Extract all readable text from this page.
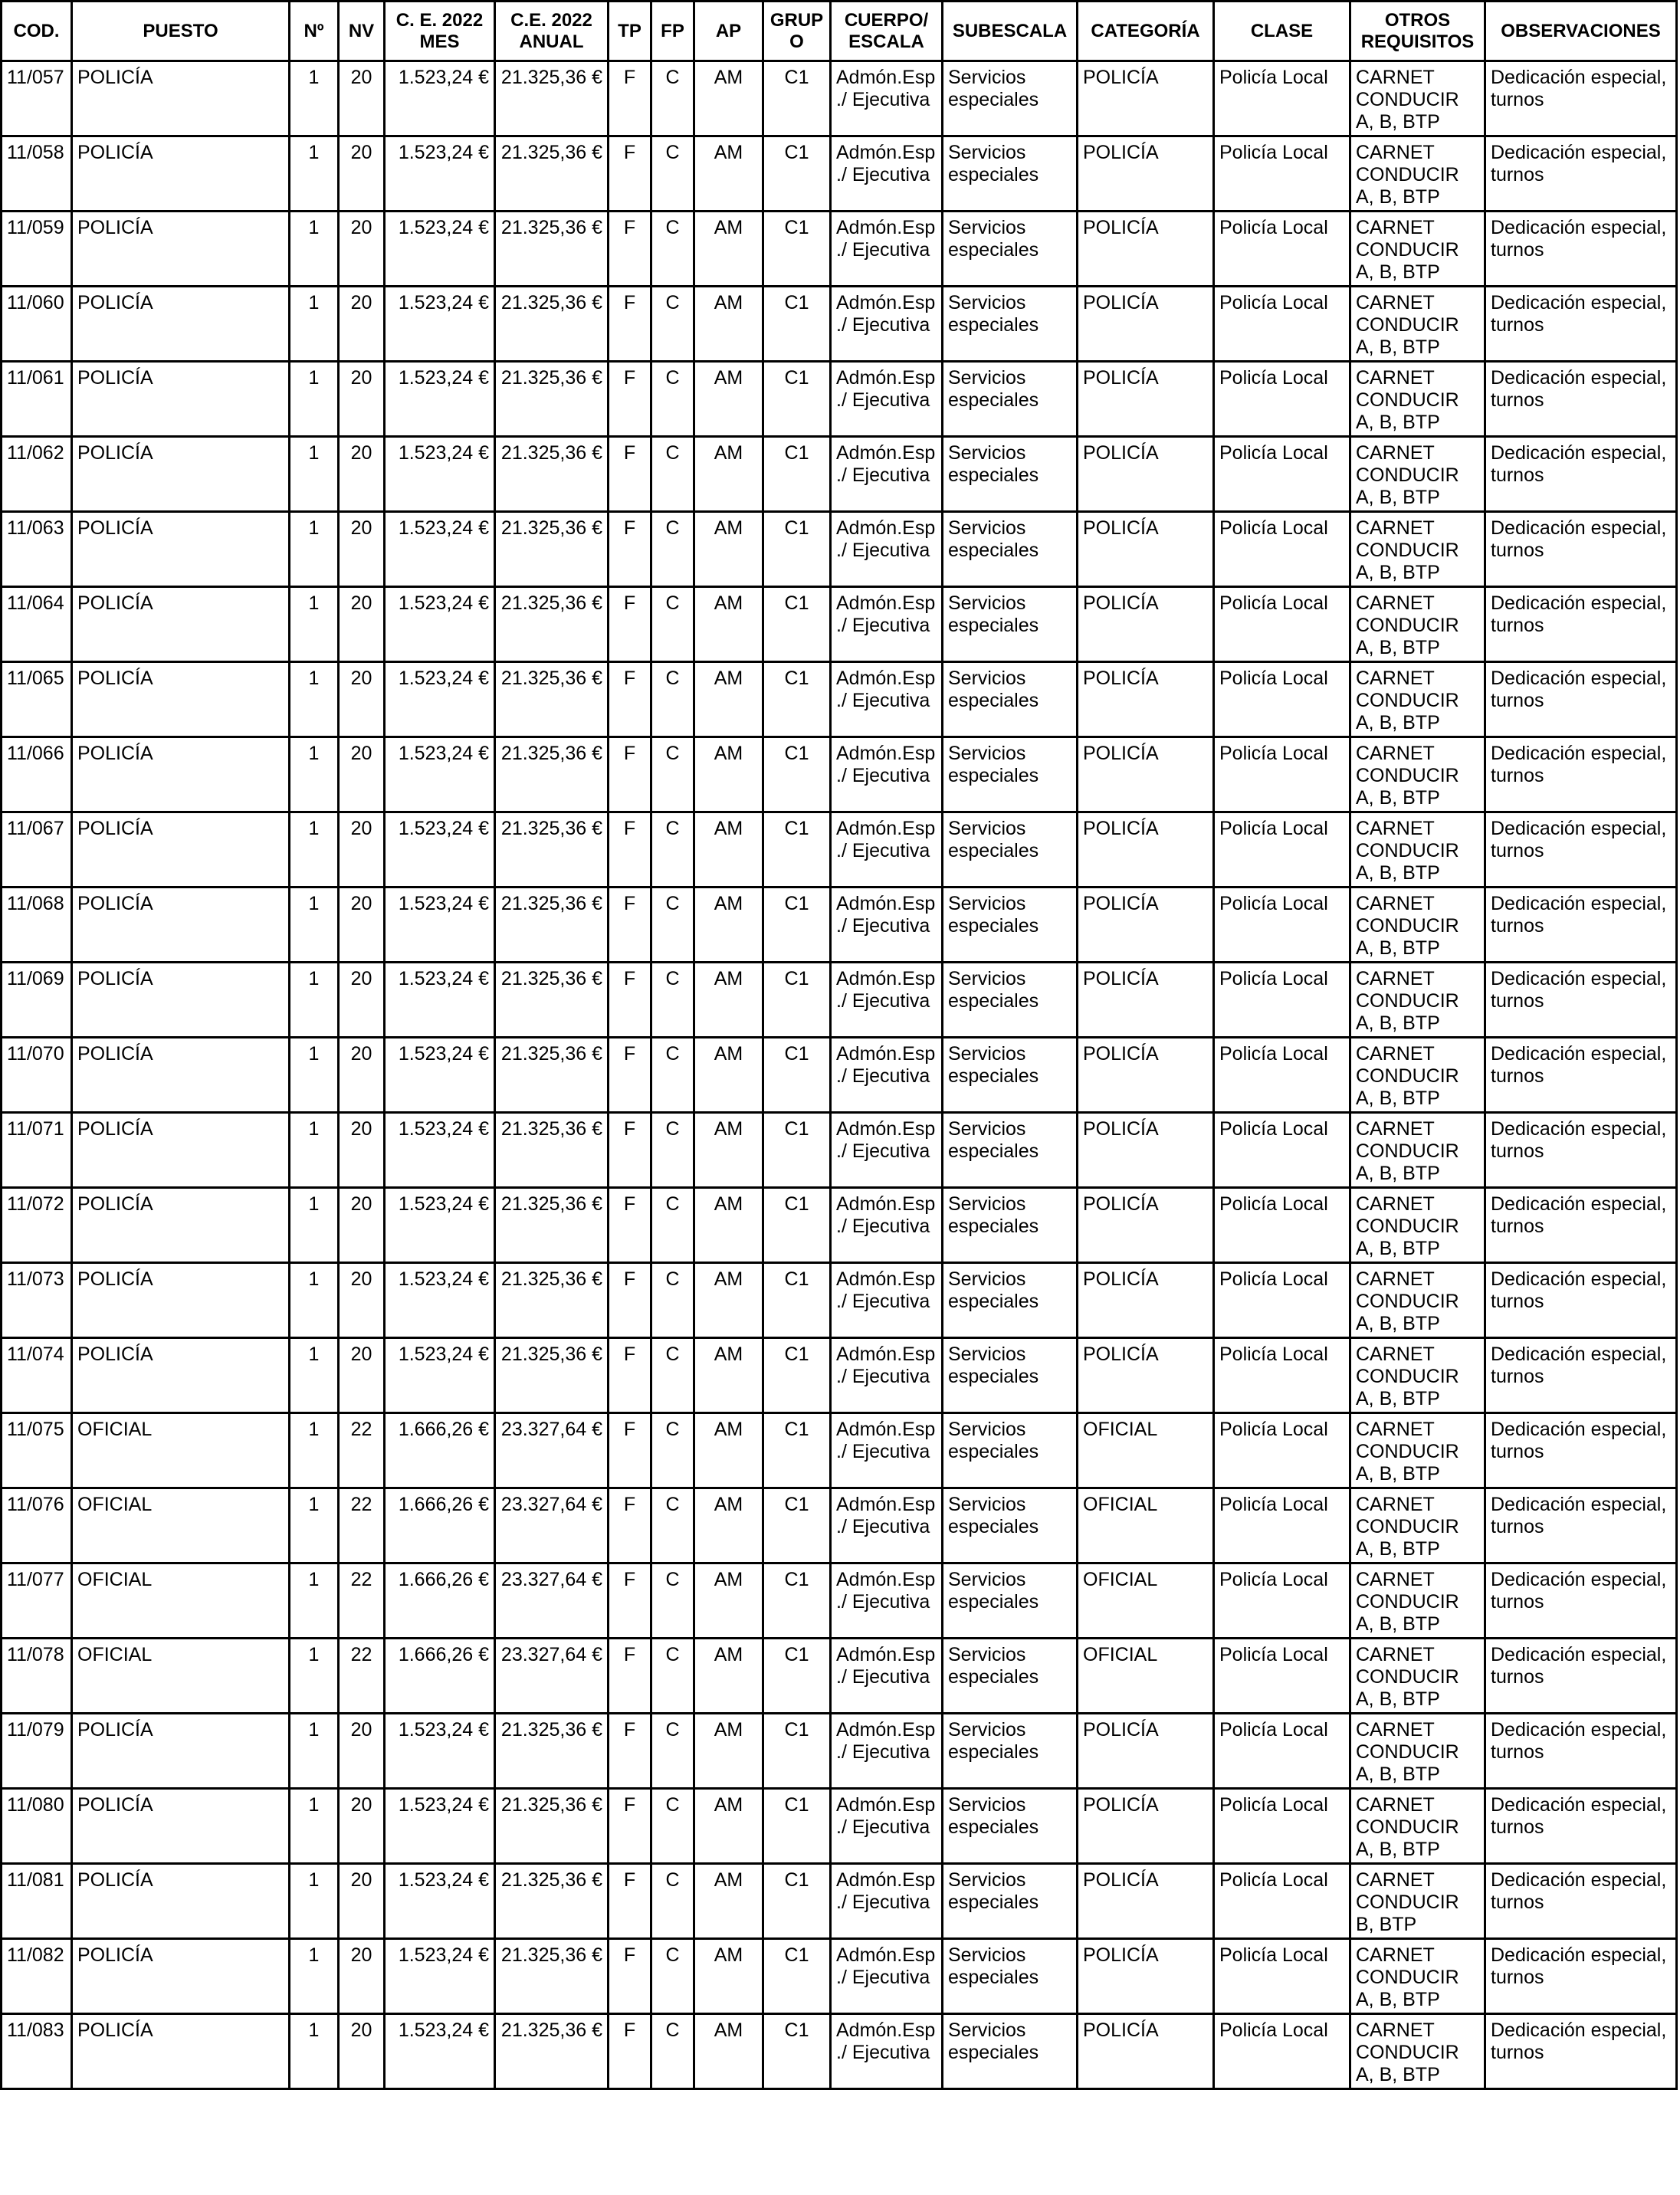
COD.	PUESTO	Nº	NV	C. E. 2022 MES	C.E. 2022 ANUAL	TP	FP	AP	GRUPO	CUERPO/ ESCALA	SUBESCALA	CATEGORÍA	CLASE	OTROS REQUISITOS	OBSERVACIONES
11/057	POLICÍA	1	20	1.523,24 €	21.325,36 €	F	C	AM	C1	Admón.Esp ./ Ejecutiva	Servicios especiales	POLICÍA	Policía Local	CARNET CONDUCIR A, B, BTP	Dedicación especial, turnos
11/058	POLICÍA	1	20	1.523,24 €	21.325,36 €	F	C	AM	C1	Admón.Esp ./ Ejecutiva	Servicios especiales	POLICÍA	Policía Local	CARNET CONDUCIR A, B, BTP	Dedicación especial, turnos
11/059	POLICÍA	1	20	1.523,24 €	21.325,36 €	F	C	AM	C1	Admón.Esp ./ Ejecutiva	Servicios especiales	POLICÍA	Policía Local	CARNET CONDUCIR A, B, BTP	Dedicación especial, turnos
11/060	POLICÍA	1	20	1.523,24 €	21.325,36 €	F	C	AM	C1	Admón.Esp ./ Ejecutiva	Servicios especiales	POLICÍA	Policía Local	CARNET CONDUCIR A, B, BTP	Dedicación especial, turnos
11/061	POLICÍA	1	20	1.523,24 €	21.325,36 €	F	C	AM	C1	Admón.Esp ./ Ejecutiva	Servicios especiales	POLICÍA	Policía Local	CARNET CONDUCIR A, B, BTP	Dedicación especial, turnos
11/062	POLICÍA	1	20	1.523,24 €	21.325,36 €	F	C	AM	C1	Admón.Esp ./ Ejecutiva	Servicios especiales	POLICÍA	Policía Local	CARNET CONDUCIR A, B, BTP	Dedicación especial, turnos
11/063	POLICÍA	1	20	1.523,24 €	21.325,36 €	F	C	AM	C1	Admón.Esp ./ Ejecutiva	Servicios especiales	POLICÍA	Policía Local	CARNET CONDUCIR A, B, BTP	Dedicación especial, turnos
11/064	POLICÍA	1	20	1.523,24 €	21.325,36 €	F	C	AM	C1	Admón.Esp ./ Ejecutiva	Servicios especiales	POLICÍA	Policía Local	CARNET CONDUCIR A, B, BTP	Dedicación especial, turnos
11/065	POLICÍA	1	20	1.523,24 €	21.325,36 €	F	C	AM	C1	Admón.Esp ./ Ejecutiva	Servicios especiales	POLICÍA	Policía Local	CARNET CONDUCIR A, B, BTP	Dedicación especial, turnos
11/066	POLICÍA	1	20	1.523,24 €	21.325,36 €	F	C	AM	C1	Admón.Esp ./ Ejecutiva	Servicios especiales	POLICÍA	Policía Local	CARNET CONDUCIR A, B, BTP	Dedicación especial, turnos
11/067	POLICÍA	1	20	1.523,24 €	21.325,36 €	F	C	AM	C1	Admón.Esp ./ Ejecutiva	Servicios especiales	POLICÍA	Policía Local	CARNET CONDUCIR A, B, BTP	Dedicación especial, turnos
11/068	POLICÍA	1	20	1.523,24 €	21.325,36 €	F	C	AM	C1	Admón.Esp ./ Ejecutiva	Servicios especiales	POLICÍA	Policía Local	CARNET CONDUCIR A, B, BTP	Dedicación especial, turnos
11/069	POLICÍA	1	20	1.523,24 €	21.325,36 €	F	C	AM	C1	Admón.Esp ./ Ejecutiva	Servicios especiales	POLICÍA	Policía Local	CARNET CONDUCIR A, B, BTP	Dedicación especial, turnos
11/070	POLICÍA	1	20	1.523,24 €	21.325,36 €	F	C	AM	C1	Admón.Esp ./ Ejecutiva	Servicios especiales	POLICÍA	Policía Local	CARNET CONDUCIR A, B, BTP	Dedicación especial, turnos
11/071	POLICÍA	1	20	1.523,24 €	21.325,36 €	F	C	AM	C1	Admón.Esp ./ Ejecutiva	Servicios especiales	POLICÍA	Policía Local	CARNET CONDUCIR A, B, BTP	Dedicación especial, turnos
11/072	POLICÍA	1	20	1.523,24 €	21.325,36 €	F	C	AM	C1	Admón.Esp ./ Ejecutiva	Servicios especiales	POLICÍA	Policía Local	CARNET CONDUCIR A, B, BTP	Dedicación especial, turnos
11/073	POLICÍA	1	20	1.523,24 €	21.325,36 €	F	C	AM	C1	Admón.Esp ./ Ejecutiva	Servicios especiales	POLICÍA	Policía Local	CARNET CONDUCIR A, B, BTP	Dedicación especial, turnos
11/074	POLICÍA	1	20	1.523,24 €	21.325,36 €	F	C	AM	C1	Admón.Esp ./ Ejecutiva	Servicios especiales	POLICÍA	Policía Local	CARNET CONDUCIR A, B, BTP	Dedicación especial, turnos
11/075	OFICIAL	1	22	1.666,26 €	23.327,64 €	F	C	AM	C1	Admón.Esp ./ Ejecutiva	Servicios especiales	OFICIAL	Policía Local	CARNET CONDUCIR A, B, BTP	Dedicación especial, turnos
11/076	OFICIAL	1	22	1.666,26 €	23.327,64 €	F	C	AM	C1	Admón.Esp ./ Ejecutiva	Servicios especiales	OFICIAL	Policía Local	CARNET CONDUCIR A, B, BTP	Dedicación especial, turnos
11/077	OFICIAL	1	22	1.666,26 €	23.327,64 €	F	C	AM	C1	Admón.Esp ./ Ejecutiva	Servicios especiales	OFICIAL	Policía Local	CARNET CONDUCIR A, B, BTP	Dedicación especial, turnos
11/078	OFICIAL	1	22	1.666,26 €	23.327,64 €	F	C	AM	C1	Admón.Esp ./ Ejecutiva	Servicios especiales	OFICIAL	Policía Local	CARNET CONDUCIR A, B, BTP	Dedicación especial, turnos
11/079	POLICÍA	1	20	1.523,24 €	21.325,36 €	F	C	AM	C1	Admón.Esp ./ Ejecutiva	Servicios especiales	POLICÍA	Policía Local	CARNET CONDUCIR A, B, BTP	Dedicación especial, turnos
11/080	POLICÍA	1	20	1.523,24 €	21.325,36 €	F	C	AM	C1	Admón.Esp ./ Ejecutiva	Servicios especiales	POLICÍA	Policía Local	CARNET CONDUCIR A, B, BTP	Dedicación especial, turnos
11/081	POLICÍA	1	20	1.523,24 €	21.325,36 €	F	C	AM	C1	Admón.Esp ./ Ejecutiva	Servicios especiales	POLICÍA	Policía Local	CARNET CONDUCIR B, BTP	Dedicación especial, turnos
11/082	POLICÍA	1	20	1.523,24 €	21.325,36 €	F	C	AM	C1	Admón.Esp ./ Ejecutiva	Servicios especiales	POLICÍA	Policía Local	CARNET CONDUCIR A, B, BTP	Dedicación especial, turnos
11/083	POLICÍA	1	20	1.523,24 €	21.325,36 €	F	C	AM	C1	Admón.Esp ./ Ejecutiva	Servicios especiales	POLICÍA	Policía Local	CARNET CONDUCIR A, B, BTP	Dedicación especial, turnos
